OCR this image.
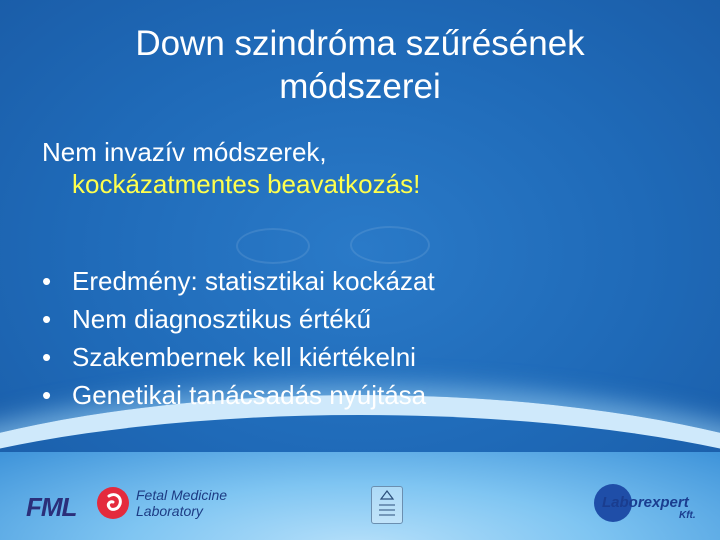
Down szindróma szűrésének módszerei
Nem invazív módszerek,
kockázatmentes beavatkozás!
• Eredmény: statisztikai kockázat
• Nem diagnosztikus értékű
• Szakembernek kell kiértékelni
• Genetikai tanácsadás nyújtása
FML	Fetal Medicine
Laboratory	Laborexpert
Kft.
